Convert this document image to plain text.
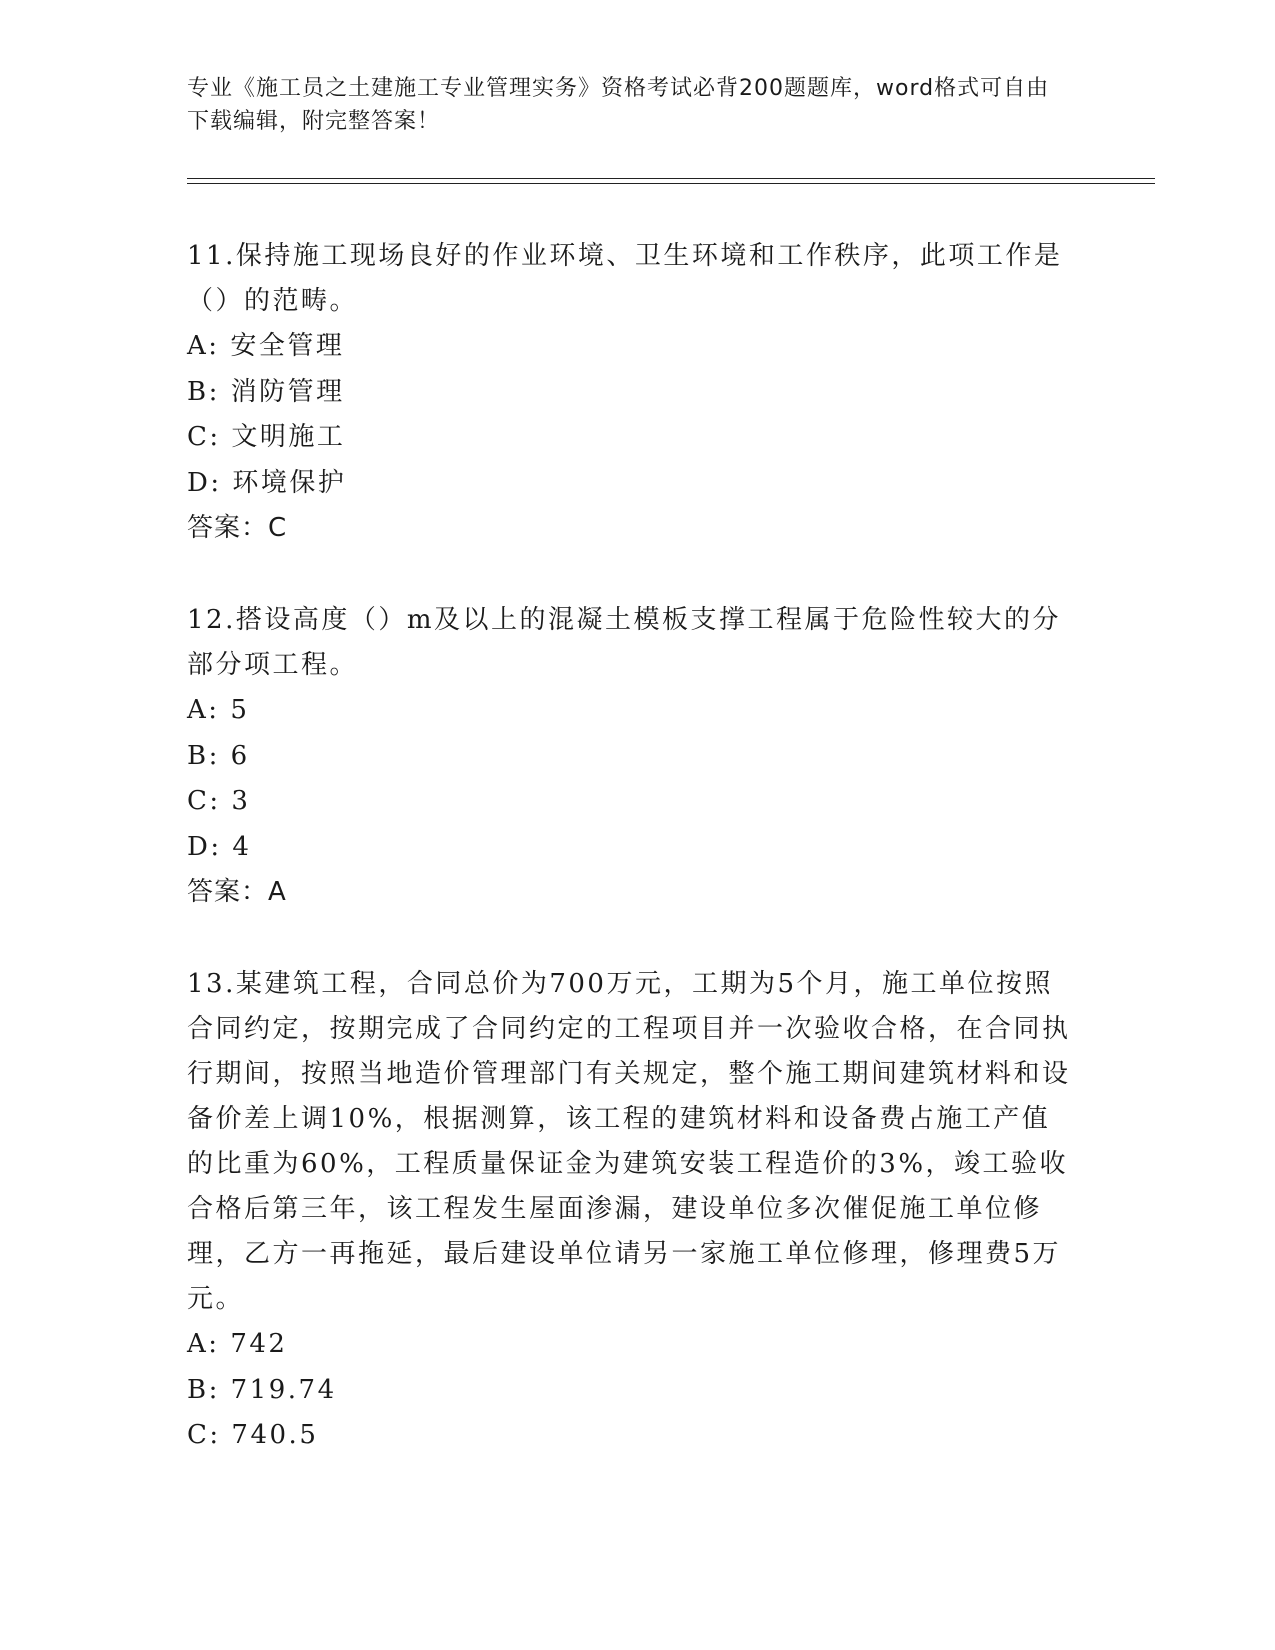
专业《施工员之土建施工专业管理实务》资格考试必背200题题库，word格式可自由下载编辑，附完整答案！

11.保持施工现场良好的作业环境、卫生环境和工作秩序，此项工作是（）的范畴。

A: 安全管理
B: 消防管理
C: 文明施工
D: 环境保护

答案：C

12.搭设高度（）m及以上的混凝土模板支撑工程属于危险性较大的分部分项工程。

A: 5
B: 6
C: 3
D: 4

答案：A

13.某建筑工程，合同总价为700万元，工期为5个月，施工单位按照合同约定，按期完成了合同约定的工程项目并一次验收合格，在合同执行期间，按照当地造价管理部门有关规定，整个施工期间建筑材料和设备价差上调10%，根据测算，该工程的建筑材料和设备费占施工产值的比重为60%，工程质量保证金为建筑安装工程造价的3%，竣工验收合格后第三年，该工程发生屋面渗漏，建设单位多次催促施工单位修理，乙方一再拖延，最后建设单位请另一家施工单位修理，修理费5万元。

A: 742
B: 719.74
C: 740.5
